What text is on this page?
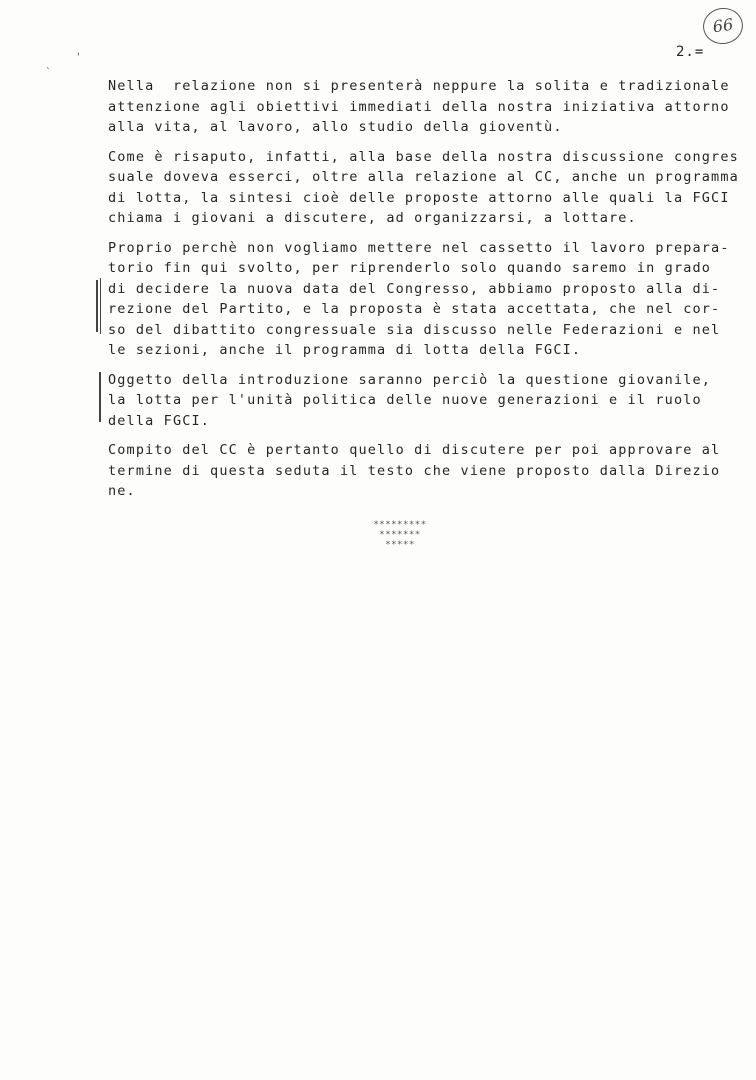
ˌ
ˋ
66
2.=
Nella  relazione non si presenterà neppure la solita e tradizionale
attenzione agli obiettivi immediati della nostra iniziativa attorno
alla vita, al lavoro, allo studio della gioventù.
Come è risaputo, infatti, alla base della nostra discussione congres
suale doveva esserci, oltre alla relazione al CC, anche un programma
di lotta, la sintesi cioè delle proposte attorno alle quali la FGCI
chiama i giovani a discutere, ad organizzarsi, a lottare.
Proprio perchè non vogliamo mettere nel cassetto il lavoro prepara-
torio fin qui svolto, per riprenderlo solo quando saremo in grado
di decidere la nuova data del Congresso, abbiamo proposto alla di-
rezione del Partito, e la proposta è stata accettata, che nel cor-
so del dibattito congressuale sia discusso nelle Federazioni e nel
le sezioni, anche il programma di lotta della FGCI.
Oggetto della introduzione saranno perciò la questione giovanile,
la lotta per l'unità politica delle nuove generazioni e il ruolo
della FGCI.
Compito del CC è pertanto quello di discutere per poi approvare al
termine di questa seduta il testo che viene proposto dalla Direzio
ne.
*********
*******
*****
